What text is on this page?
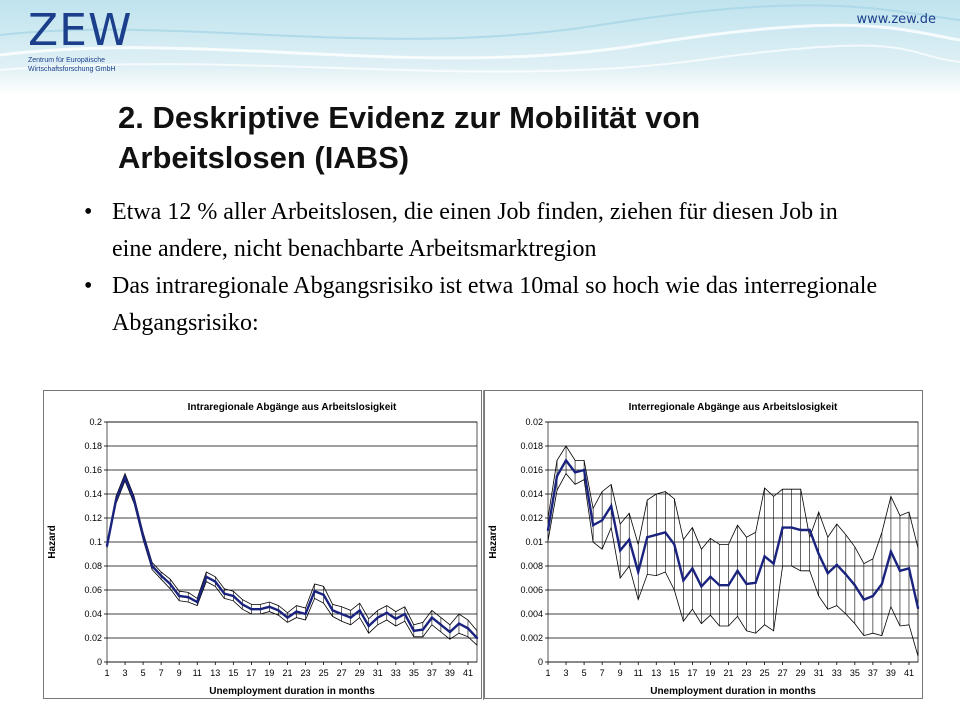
ZEW
Zentrum für Europäische
Wirtschaftsforschung GmbH
www.zew.de
2. Deskriptive Evidenz zur Mobilität von
Arbeitslosen (IABS)
• Etwa 12 % aller Arbeitslosen, die einen Job finden, ziehen für diesen Job in eine andere, nicht benachbarte Arbeitsmarktregion
• Das intraregionale Abgangsrisiko ist etwa 10mal so hoch wie das interregionale Abgangsrisiko:
0
0.02
0.04
0.06
0.08
0.1
0.12
0.14
0.16
0.18
0.2
1 3 5 7 9 11 13 15 17 19 21 23 25 27 29 31 33 35 37 39 41
Intraregionale Abgänge aus Arbeitslosigkeit
Unemployment duration in months
Hazard
0
0.002
0.004
0.006
0.008
0.01
0.012
0.014
0.016
0.018
0.02
1 3 5 7 9 11 13 15 17 19 21 23 25 27 29 31 33 35 37 39 41
Interregionale Abgänge aus Arbeitslosigkeit
Unemployment duration in months
Hazard
